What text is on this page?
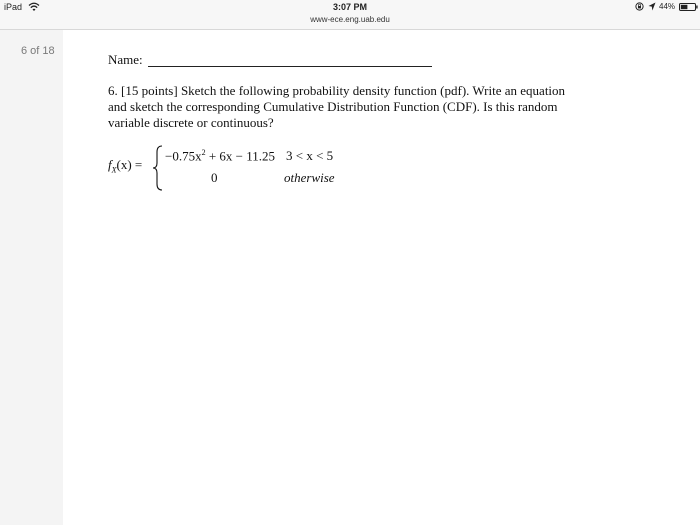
iPad	3:07 PM
www-ece.eng.uab.edu
44%
6 of 18
Name:
6. [15 points] Sketch the following probability density function (pdf). Write an equation
and sketch the corresponding Cumulative Distribution Function (CDF). Is this random
variable discrete or continuous?
$f_X(x)$ =
$-0.75x^2 + 6x - 11.25$ 3 < x < 5
0	otherwise
